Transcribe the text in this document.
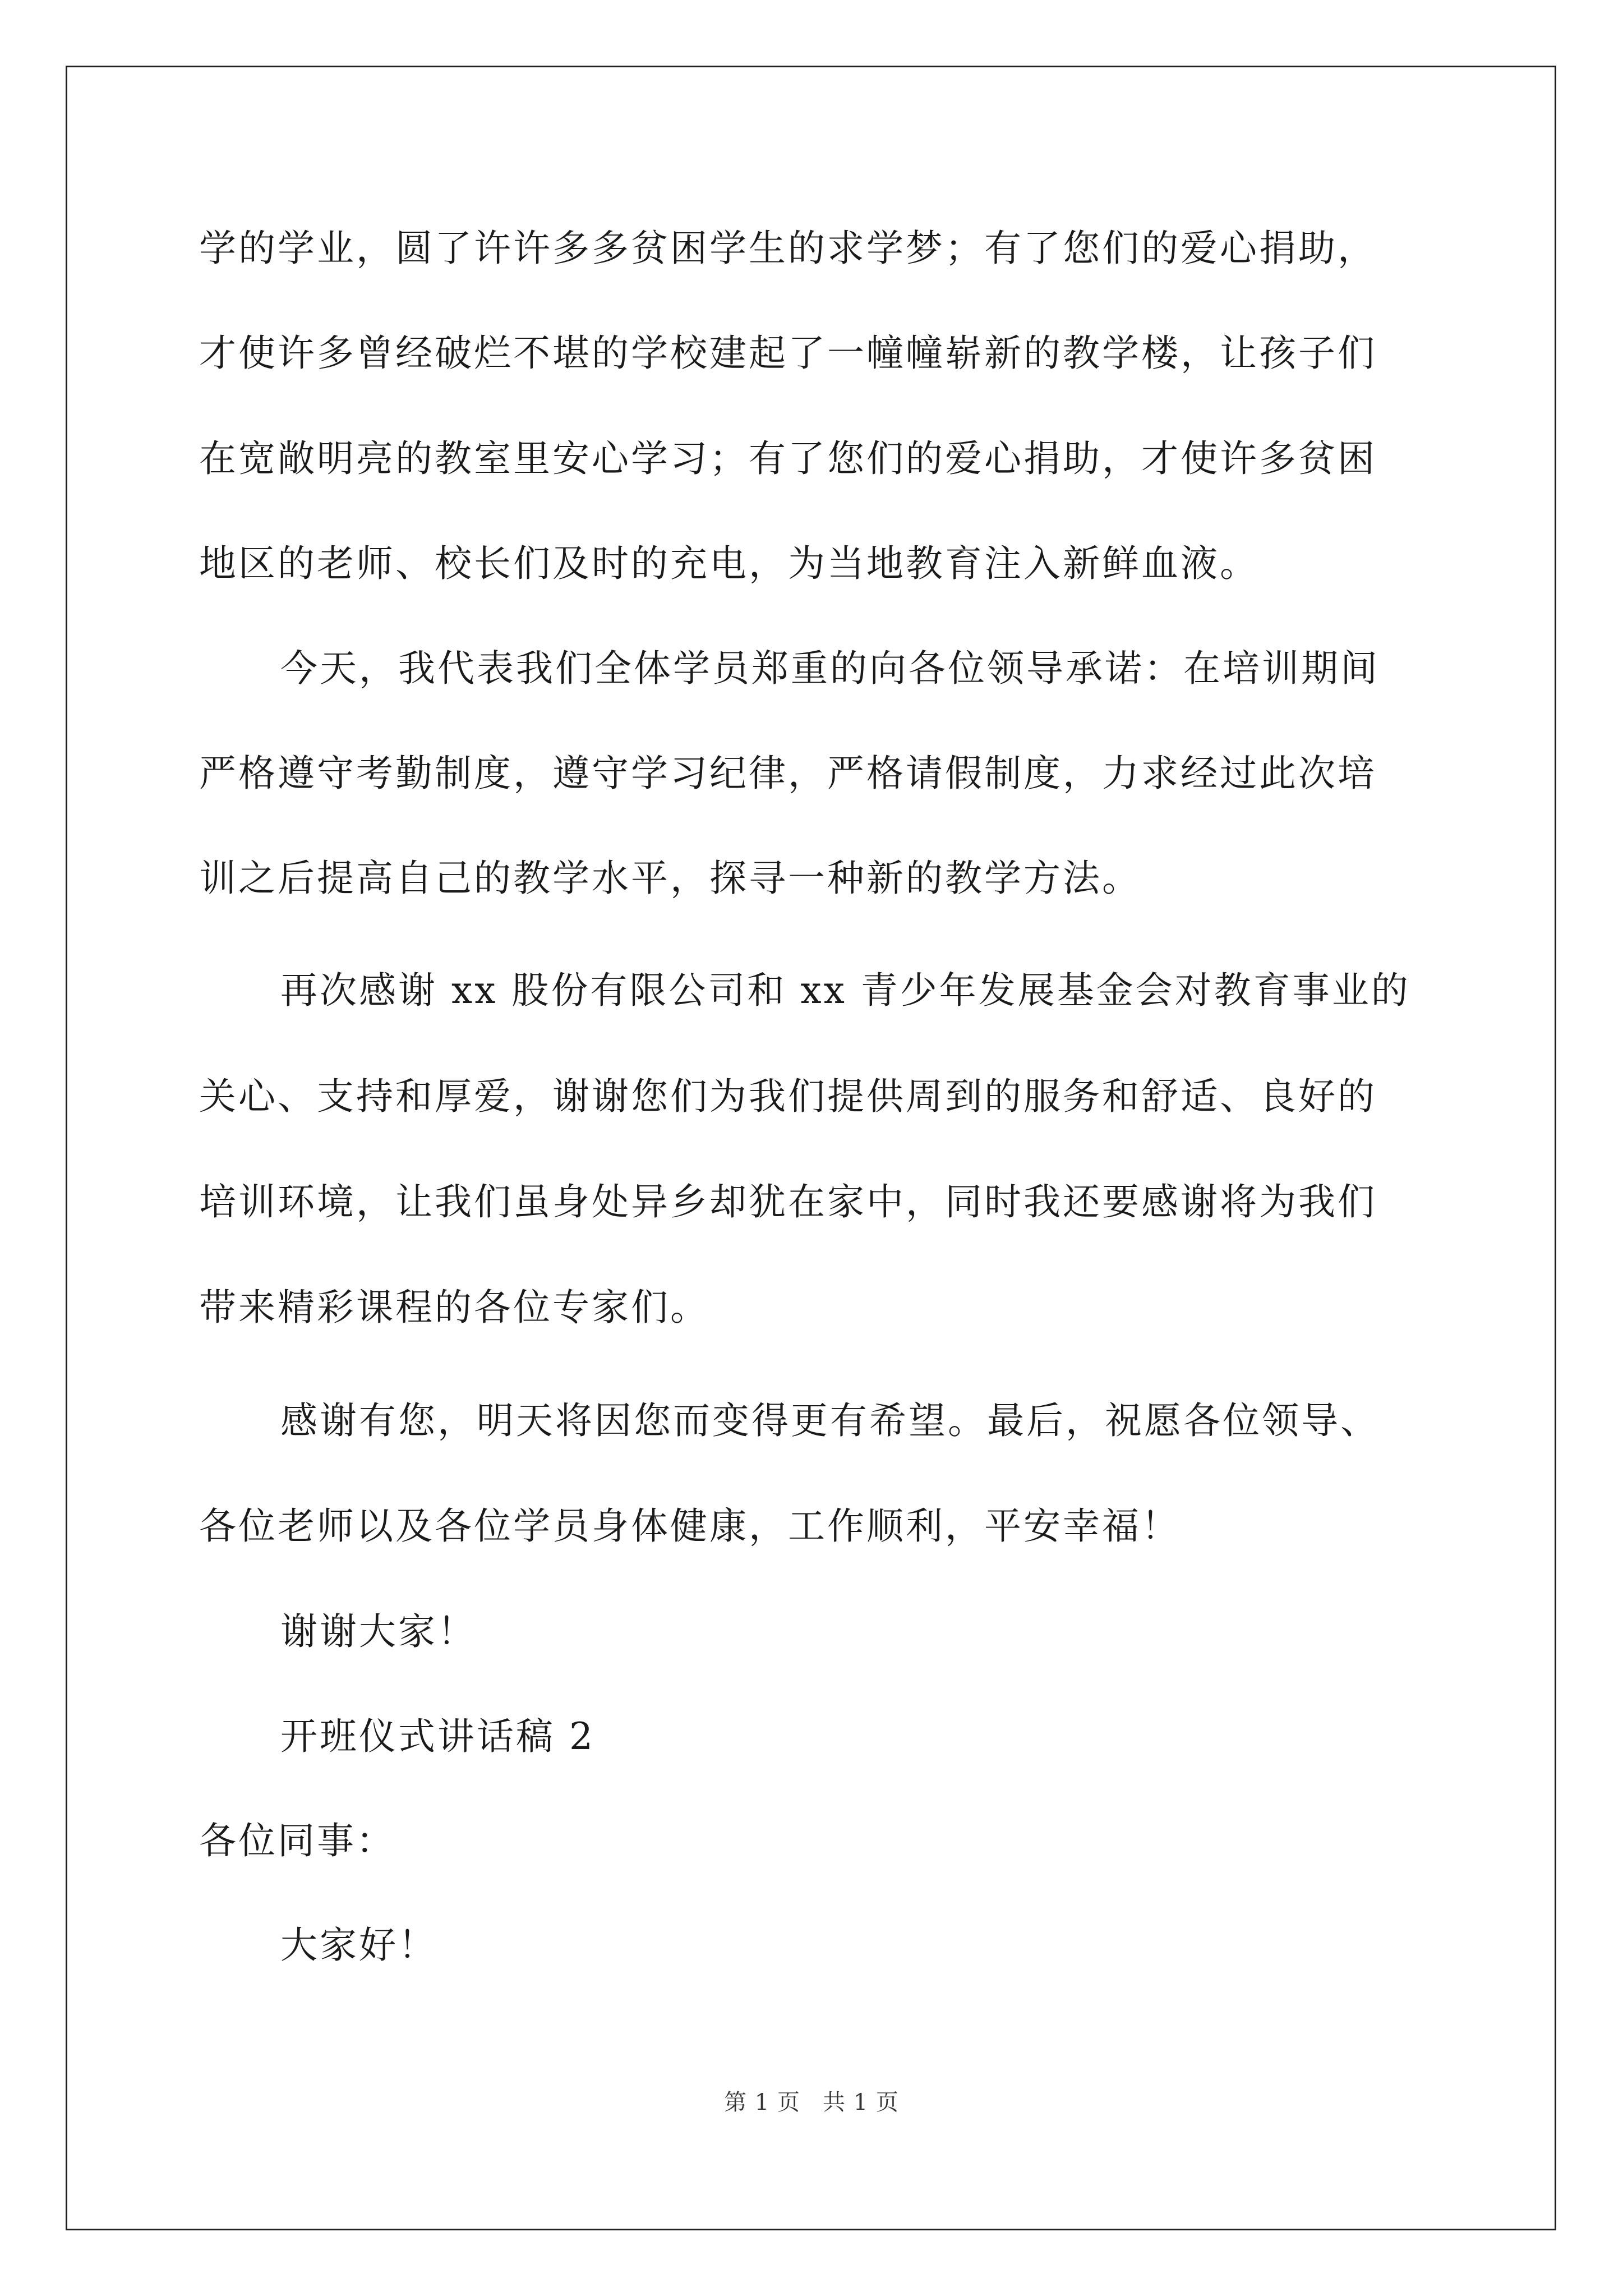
学的学业，圆了许许多多贫困学生的求学梦；有了您们的爱心捐助，
才使许多曾经破烂不堪的学校建起了一幢幢崭新的教学楼，让孩子们
在宽敞明亮的教室里安心学习；有了您们的爱心捐助，才使许多贫困
地区的老师、校长们及时的充电，为当地教育注入新鲜血液。
今天，我代表我们全体学员郑重的向各位领导承诺：在培训期间
严格遵守考勤制度，遵守学习纪律，严格请假制度，力求经过此次培
训之后提高自己的教学水平，探寻一种新的教学方法。
再次感谢 xx 股份有限公司和 xx 青少年发展基金会对教育事业的
关心、支持和厚爱，谢谢您们为我们提供周到的服务和舒适、良好的
培训环境，让我们虽身处异乡却犹在家中，同时我还要感谢将为我们
带来精彩课程的各位专家们。
感谢有您，明天将因您而变得更有希望。最后，祝愿各位领导、
各位老师以及各位学员身体健康，工作顺利，平安幸福！
谢谢大家！
开班仪式讲话稿 2
各位同事：
大家好！
第 1 页 共 1 页
